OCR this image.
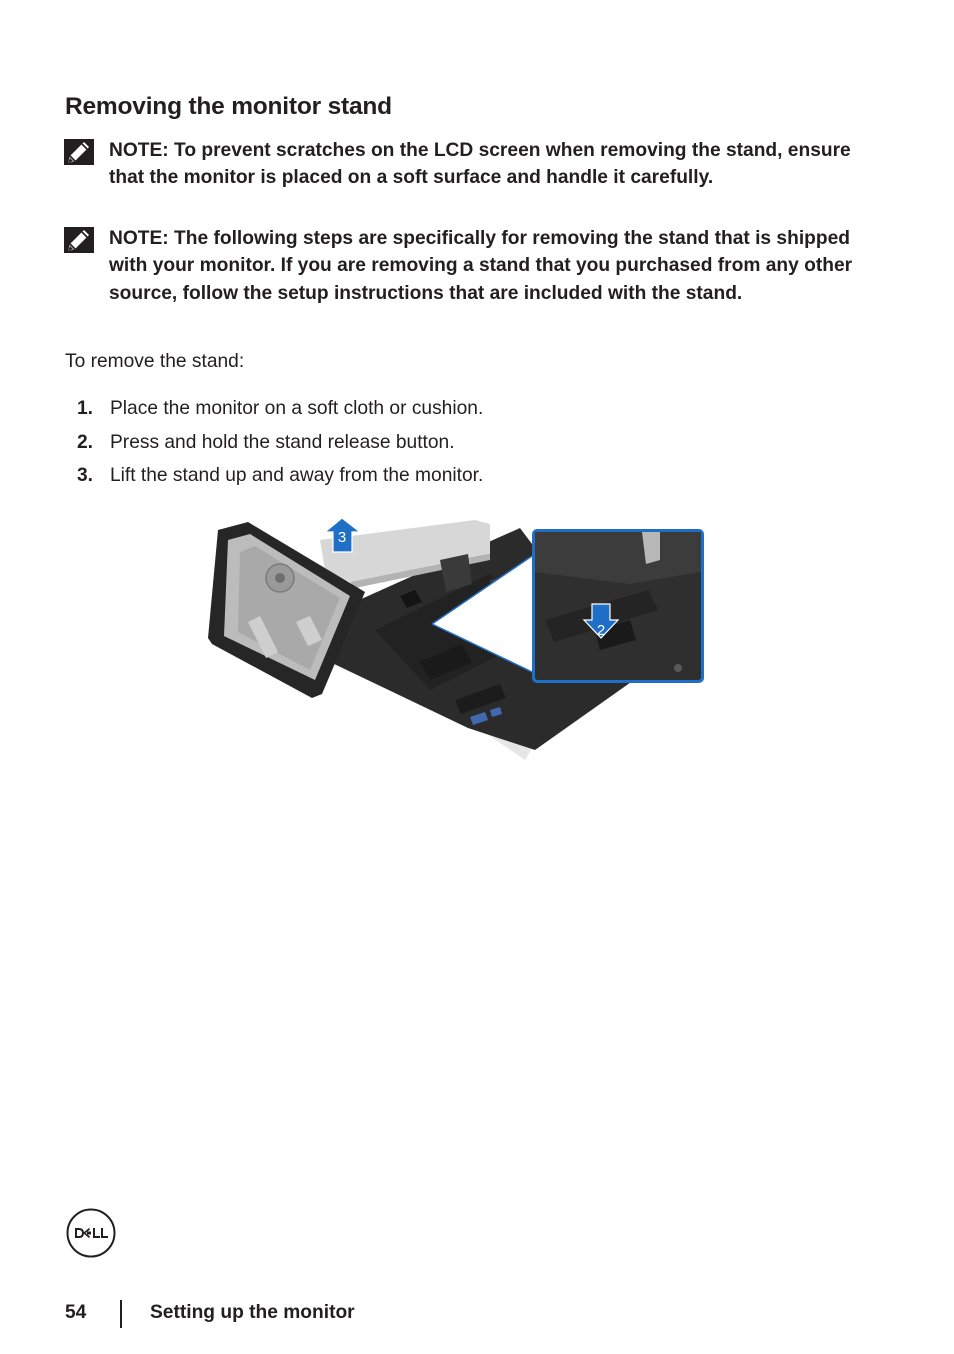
Removing the monitor stand

NOTE: To prevent scratches on the LCD screen when removing the stand, ensure that the monitor is placed on a soft surface and handle it carefully.

NOTE: The following steps are specifically for removing the stand that is shipped with your monitor. If you are removing a stand that you purchased from any other source, follow the setup instructions that are included with the stand.

To remove the stand:

1. Place the monitor on a soft cloth or cushion.
2. Press and hold the stand release button.
3. Lift the stand up and away from the monitor.
2
3
54	Setting up the monitor
